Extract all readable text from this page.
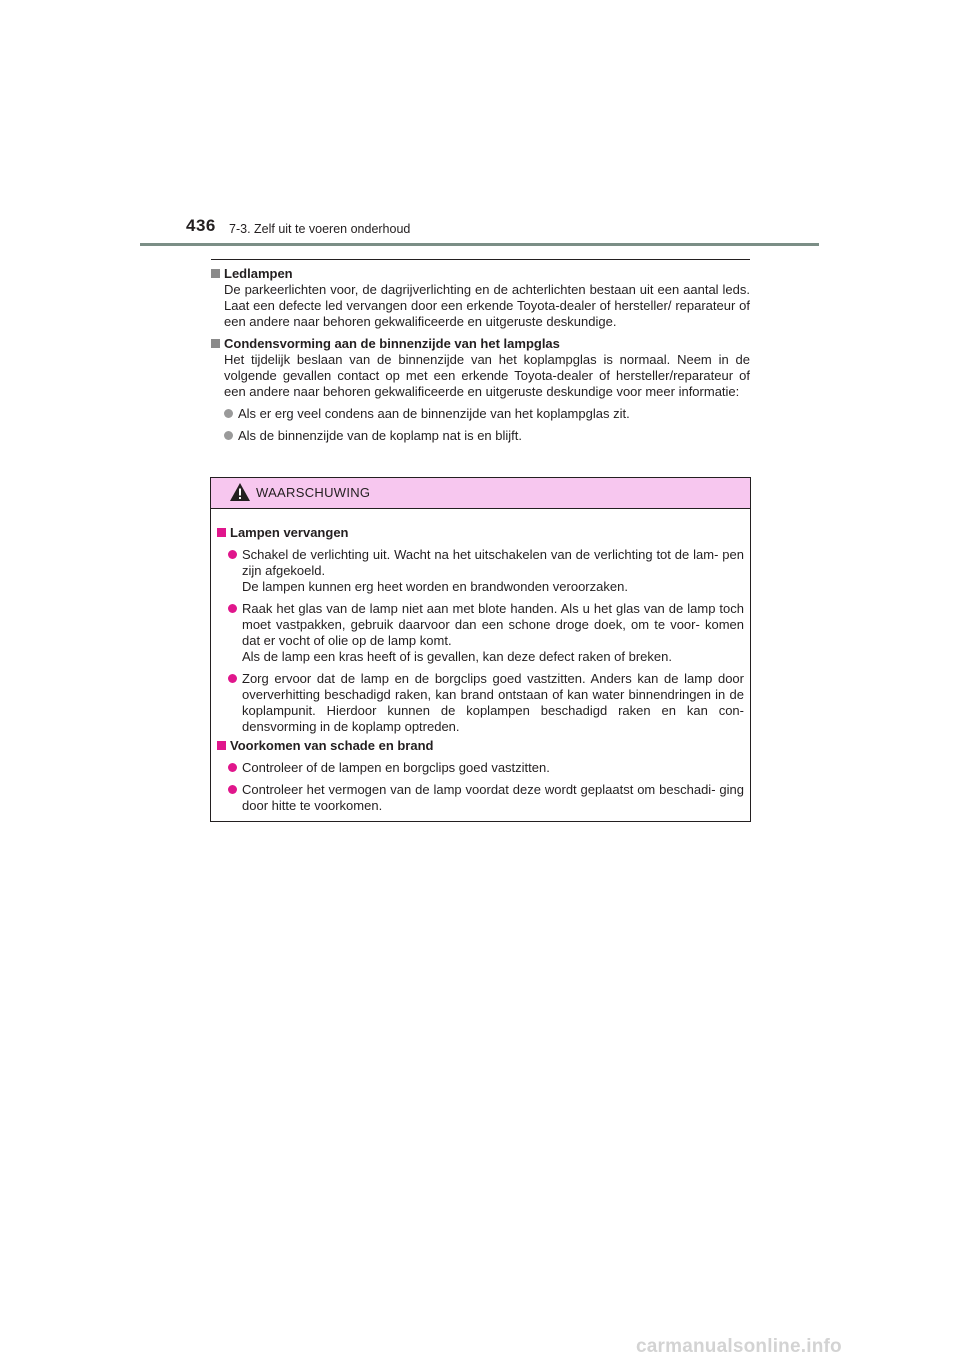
436 7-3. Zelf uit te voeren onderhoud
Ledlampen
De parkeerlichten voor, de dagrijverlichting en de achterlichten bestaan uit een aantal leds. Laat een defecte led vervangen door een erkende Toyota-dealer of hersteller/ reparateur of een andere naar behoren gekwalificeerde en uitgeruste deskundige.
Condensvorming aan de binnenzijde van het lampglas
Het tijdelijk beslaan van de binnenzijde van het koplampglas is normaal. Neem in de volgende gevallen contact op met een erkende Toyota-dealer of hersteller/reparateur of een andere naar behoren gekwalificeerde en uitgeruste deskundige voor meer informatie:
Als er erg veel condens aan de binnenzijde van het koplampglas zit.
Als de binnenzijde van de koplamp nat is en blijft.
WAARSCHUWING
Lampen vervangen
Schakel de verlichting uit. Wacht na het uitschakelen van de verlichting tot de lam- pen zijn afgekoeld.
De lampen kunnen erg heet worden en brandwonden veroorzaken.
Raak het glas van de lamp niet aan met blote handen. Als u het glas van de lamp toch moet vastpakken, gebruik daarvoor dan een schone droge doek, om te voor- komen dat er vocht of olie op de lamp komt.
Als de lamp een kras heeft of is gevallen, kan deze defect raken of breken.
Zorg ervoor dat de lamp en de borgclips goed vastzitten. Anders kan de lamp door oververhitting beschadigd raken, kan brand ontstaan of kan water binnendringen in de koplampunit. Hierdoor kunnen de koplampen beschadigd raken en kan con- densvorming in de koplamp optreden.
Voorkomen van schade en brand
Controleer of de lampen en borgclips goed vastzitten.
Controleer het vermogen van de lamp voordat deze wordt geplaatst om beschadi- ging door hitte te voorkomen.
carmanualsonline.info
